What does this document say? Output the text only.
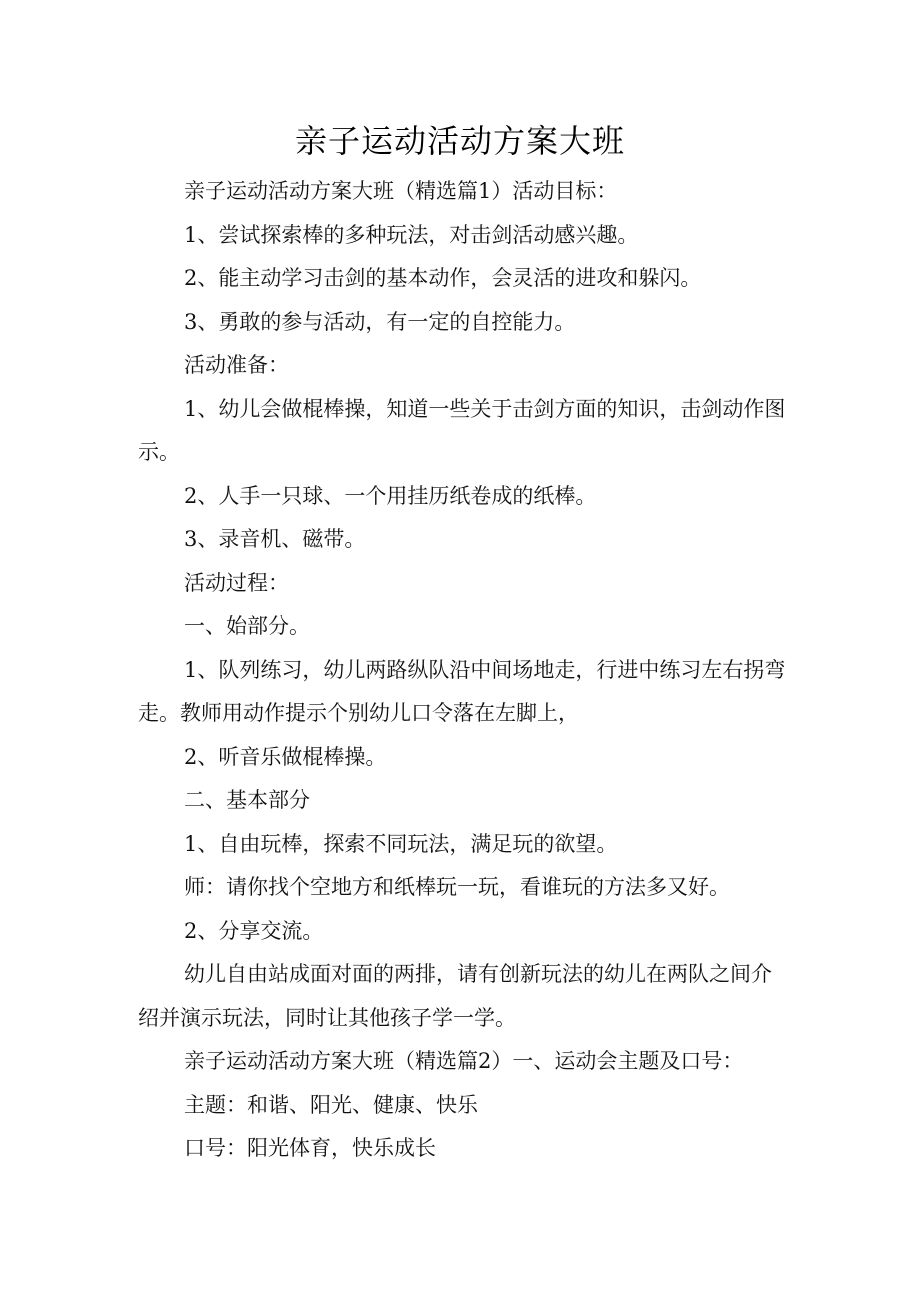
亲子运动活动方案大班

亲子运动活动方案大班（精选篇1）活动目标：

1、尝试探索棒的多种玩法，对击剑活动感兴趣。

2、能主动学习击剑的基本动作，会灵活的进攻和躲闪。

3、勇敢的参与活动，有一定的自控能力。

活动准备：

1、幼儿会做棍棒操，知道一些关于击剑方面的知识，击剑动作图示。

2、人手一只球、一个用挂历纸卷成的纸棒。

3、录音机、磁带。

活动过程：

一、始部分。

1、队列练习，幼儿两路纵队沿中间场地走，行进中练习左右拐弯走。教师用动作提示个别幼儿口令落在左脚上，

2、听音乐做棍棒操。

二、基本部分

1、自由玩棒，探索不同玩法，满足玩的欲望。

师：请你找个空地方和纸棒玩一玩，看谁玩的方法多又好。

2、分享交流。

幼儿自由站成面对面的两排，请有创新玩法的幼儿在两队之间介绍并演示玩法，同时让其他孩子学一学。

亲子运动活动方案大班（精选篇2）一、运动会主题及口号：

主题：和谐、阳光、健康、快乐

口号：阳光体育，快乐成长
